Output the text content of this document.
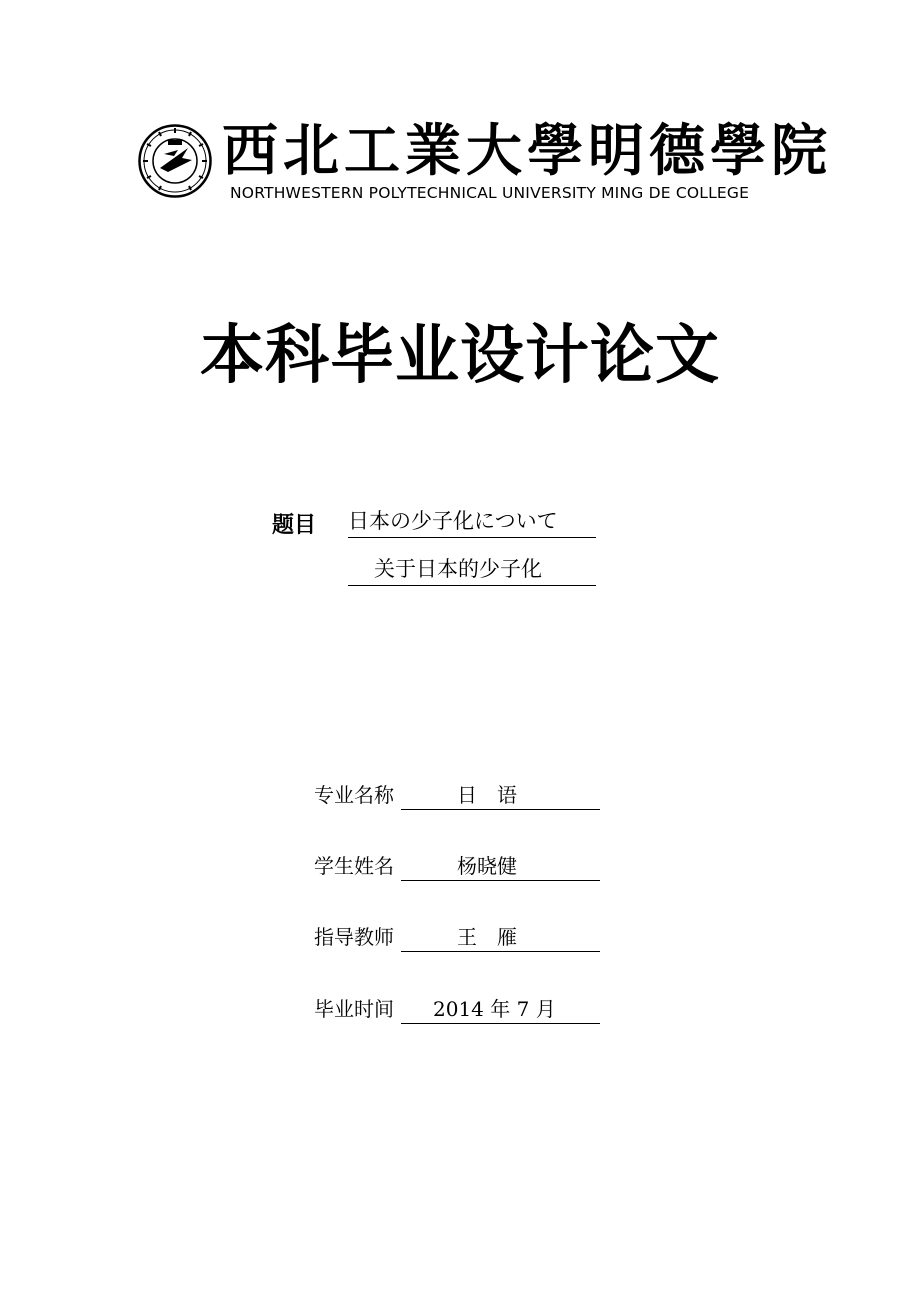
西北工業大學明德學院
NORTHWESTERN POLYTECHNICAL UNIVERSITY MING DE COLLEGE
本科毕业设计论文
题目 日本の少子化について
关于日本的少子化
专业名称	日　语
学生姓名	杨晓健
指导教师	王　雁
毕业时间 2014 年 7 月
